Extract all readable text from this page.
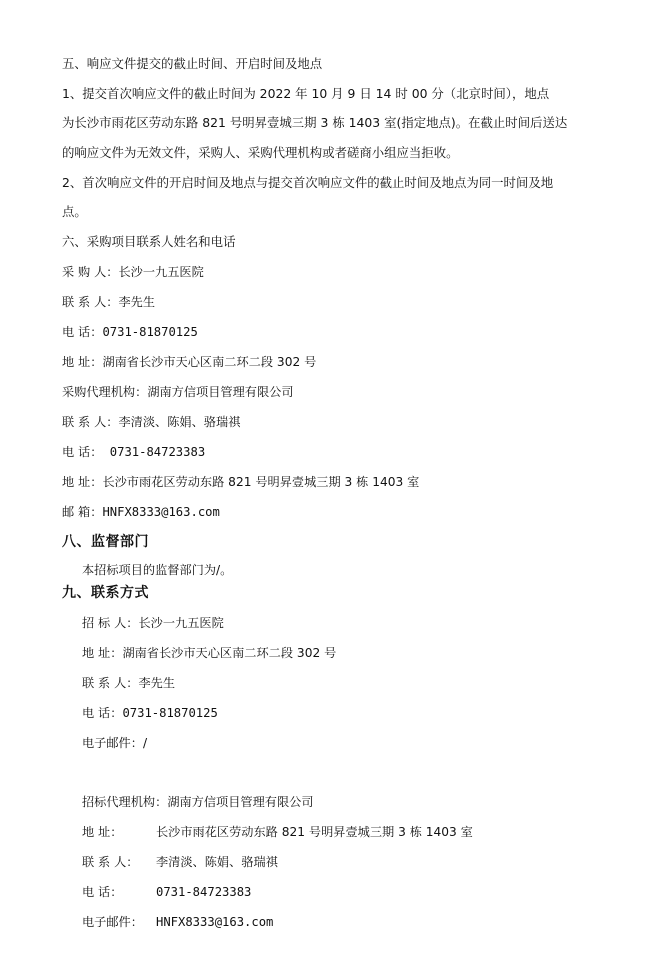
五、响应文件提交的截止时间、开启时间及地点
1、提交首次响应文件的截止时间为 2022 年 10 月 9 日 14 时 00 分（北京时间），地点
为长沙市雨花区劳动东路 821 号明昇壹城三期 3 栋 1403 室(指定地点)。在截止时间后送达
的响应文件为无效文件，采购人、采购代理机构或者磋商小组应当拒收。
2、首次响应文件的开启时间及地点与提交首次响应文件的截止时间及地点为同一时间及地
点。
六、采购项目联系人姓名和电话
采 购 人：长沙一九五医院
联 系 人：李先生
电 话：0731-81870125
地 址：湖南省长沙市天心区南二环二段 302 号
采购代理机构：湖南方信项目管理有限公司
联 系 人：李清淡、陈娟、骆瑞祺
电 话： 0731-84723383
地 址：长沙市雨花区劳动东路 821 号明昇壹城三期 3 栋 1403 室
邮 箱：HNFX8333@163.com
八、监督部门
本招标项目的监督部门为/。
九、联系方式
招 标 人：长沙一九五医院
地 址：湖南省长沙市天心区南二环二段 302 号
联 系 人：李先生
电 话：0731-81870125
电子邮件：/
招标代理机构：湖南方信项目管理有限公司
地 址：	长沙市雨花区劳动东路 821 号明昇壹城三期 3 栋 1403 室
联 系 人： 李清淡、陈娟、骆瑞祺
电 话：	0731-84723383
电子邮件： HNFX8333@163.com
